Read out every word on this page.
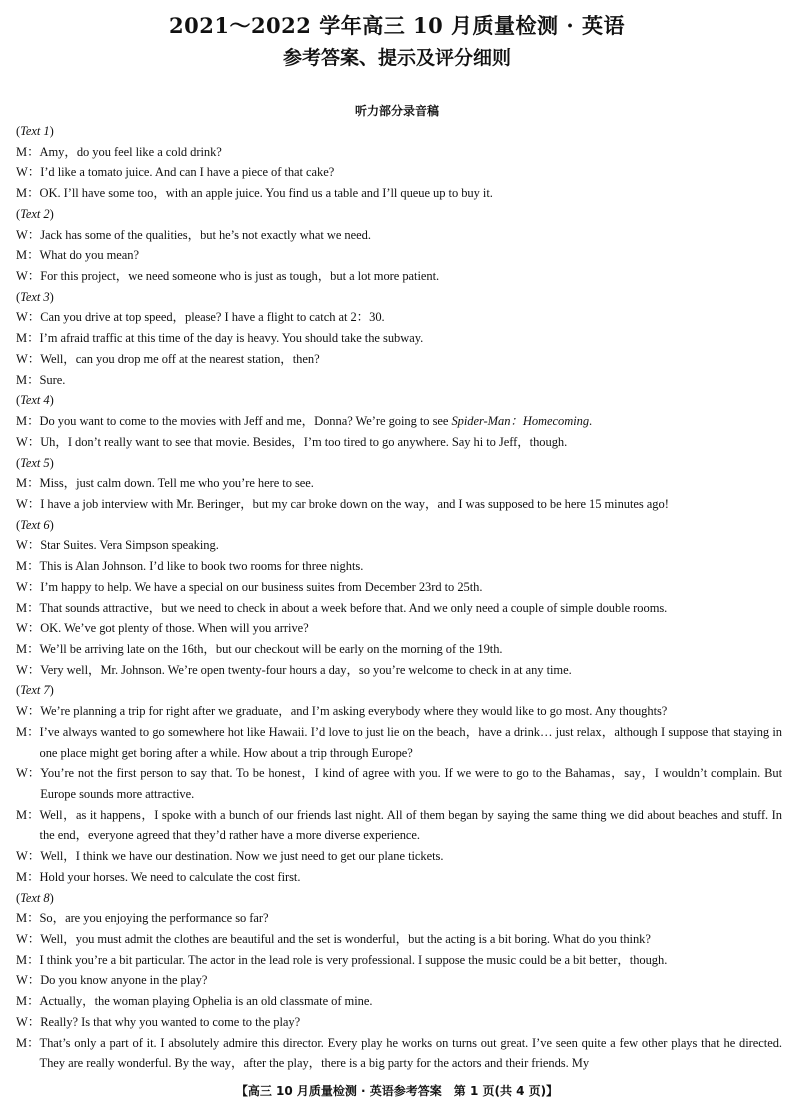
2021～2022 学年高三 10 月质量检测 · 英语
参考答案、提示及评分细则
听力部分录音稿
( Text 1 )
M： Amy，do you feel like a cold drink?
W： I’d like a tomato juice. And can I have a piece of that cake?
M： OK. I’ll have some too，with an apple juice. You find us a table and I’ll queue up to buy it.
( Text 2 )
W： Jack has some of the qualities，but he’s not exactly what we need.
M： What do you mean?
W： For this project，we need someone who is just as tough，but a lot more patient.
( Text 3 )
W： Can you drive at top speed，please? I have a flight to catch at 2：30.
M： I’m afraid traffic at this time of the day is heavy. You should take the subway.
W： Well，can you drop me off at the nearest station，then?
M： Sure.
( Text 4 )
M： Do you want to come to the movies with Jeff and me，Donna? We’re going to see Spider-Man：Homecoming.
W： Uh，I don’t really want to see that movie. Besides，I’m too tired to go anywhere. Say hi to Jeff，though.
( Text 5 )
M： Miss，just calm down. Tell me who you’re here to see.
W： I have a job interview with Mr. Beringer，but my car broke down on the way，and I was supposed to be here 15 minutes ago!
( Text 6 )
W： Star Suites. Vera Simpson speaking.
M： This is Alan Johnson. I’d like to book two rooms for three nights.
W： I’m happy to help. We have a special on our business suites from December 23rd to 25th.
M： That sounds attractive，but we need to check in about a week before that. And we only need a couple of simple double rooms.
W： OK. We’ve got plenty of those. When will you arrive?
M： We’ll be arriving late on the 16th，but our checkout will be early on the morning of the 19th.
W： Very well，Mr. Johnson. We’re open twenty-four hours a day，so you’re welcome to check in at any time.
( Text 7 )
W： We’re planning a trip for right after we graduate，and I’m asking everybody where they would like to go most. Any thoughts?
M： I’ve always wanted to go somewhere hot like Hawaii. I’d love to just lie on the beach，have a drink… just relax，although I suppose that staying in one place might get boring after a while. How about a trip through Europe?
W： You’re not the first person to say that. To be honest，I kind of agree with you. If we were to go to the Bahamas，say，I wouldn’t complain. But Europe sounds more attractive.
M： Well，as it happens，I spoke with a bunch of our friends last night. All of them began by saying the same thing we did about beaches and stuff. In the end，everyone agreed that they’d rather have a more diverse experience.
W： Well，I think we have our destination. Now we just need to get our plane tickets.
M： Hold your horses. We need to calculate the cost first.
( Text 8 )
M： So，are you enjoying the performance so far?
W： Well，you must admit the clothes are beautiful and the set is wonderful，but the acting is a bit boring. What do you think?
M： I think you’re a bit particular. The actor in the lead role is very professional. I suppose the music could be a bit better，though.
W： Do you know anyone in the play?
M： Actually，the woman playing Ophelia is an old classmate of mine.
W： Really? Is that why you wanted to come to the play?
M： That’s only a part of it. I absolutely admire this director. Every play he works on turns out great. I’ve seen quite a few other plays that he directed. They are really wonderful. By the way，after the play，there is a big party for the actors and their friends. My
【高三 10 月质量检测 · 英语参考答案　第 1 页(共 4 页)】
